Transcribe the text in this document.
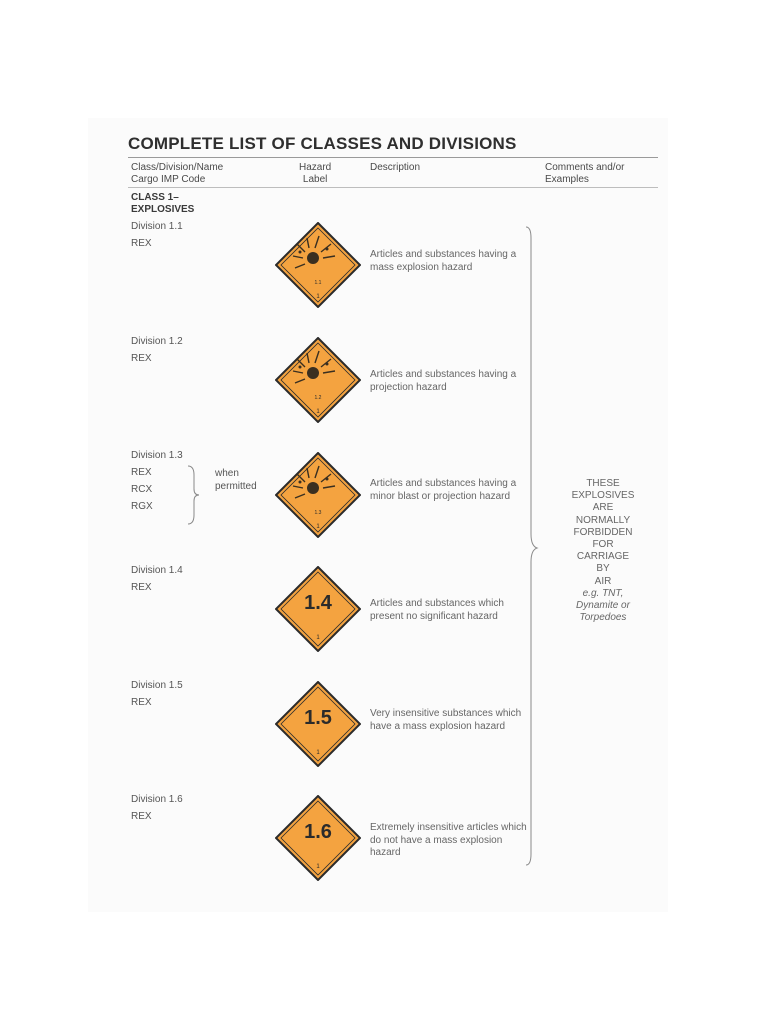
COMPLETE LIST OF CLASSES AND DIVISIONS
Class/Division/Name
Cargo IMP Code
Hazard
Label
Description	Comments and/or
Examples
CLASS 1–
EXPLOSIVES
Division 1.1
REX
1.1
1
Articles and substances having a mass explosion hazard
Division 1.2
REX
1.2
1
Articles and substances having a projection hazard
Division 1.3
REX
RCX
RGX
when
permitted
1.3
1
Articles and substances having a minor blast or projection hazard
Division 1.4
REX
1.4
1
Articles and substances which present no significant hazard
Division 1.5
REX
1.5
1
Very insensitive substances which have a mass explosion hazard
Division 1.6
REX
1.6
1
Extremely insensitive articles which do not have a mass explosion hazard
THESE
EXPLOSIVES
ARE
NORMALLY
FORBIDDEN
FOR
CARRIAGE
BY
AIR
e.g. TNT,
Dynamite or
Torpedoes
